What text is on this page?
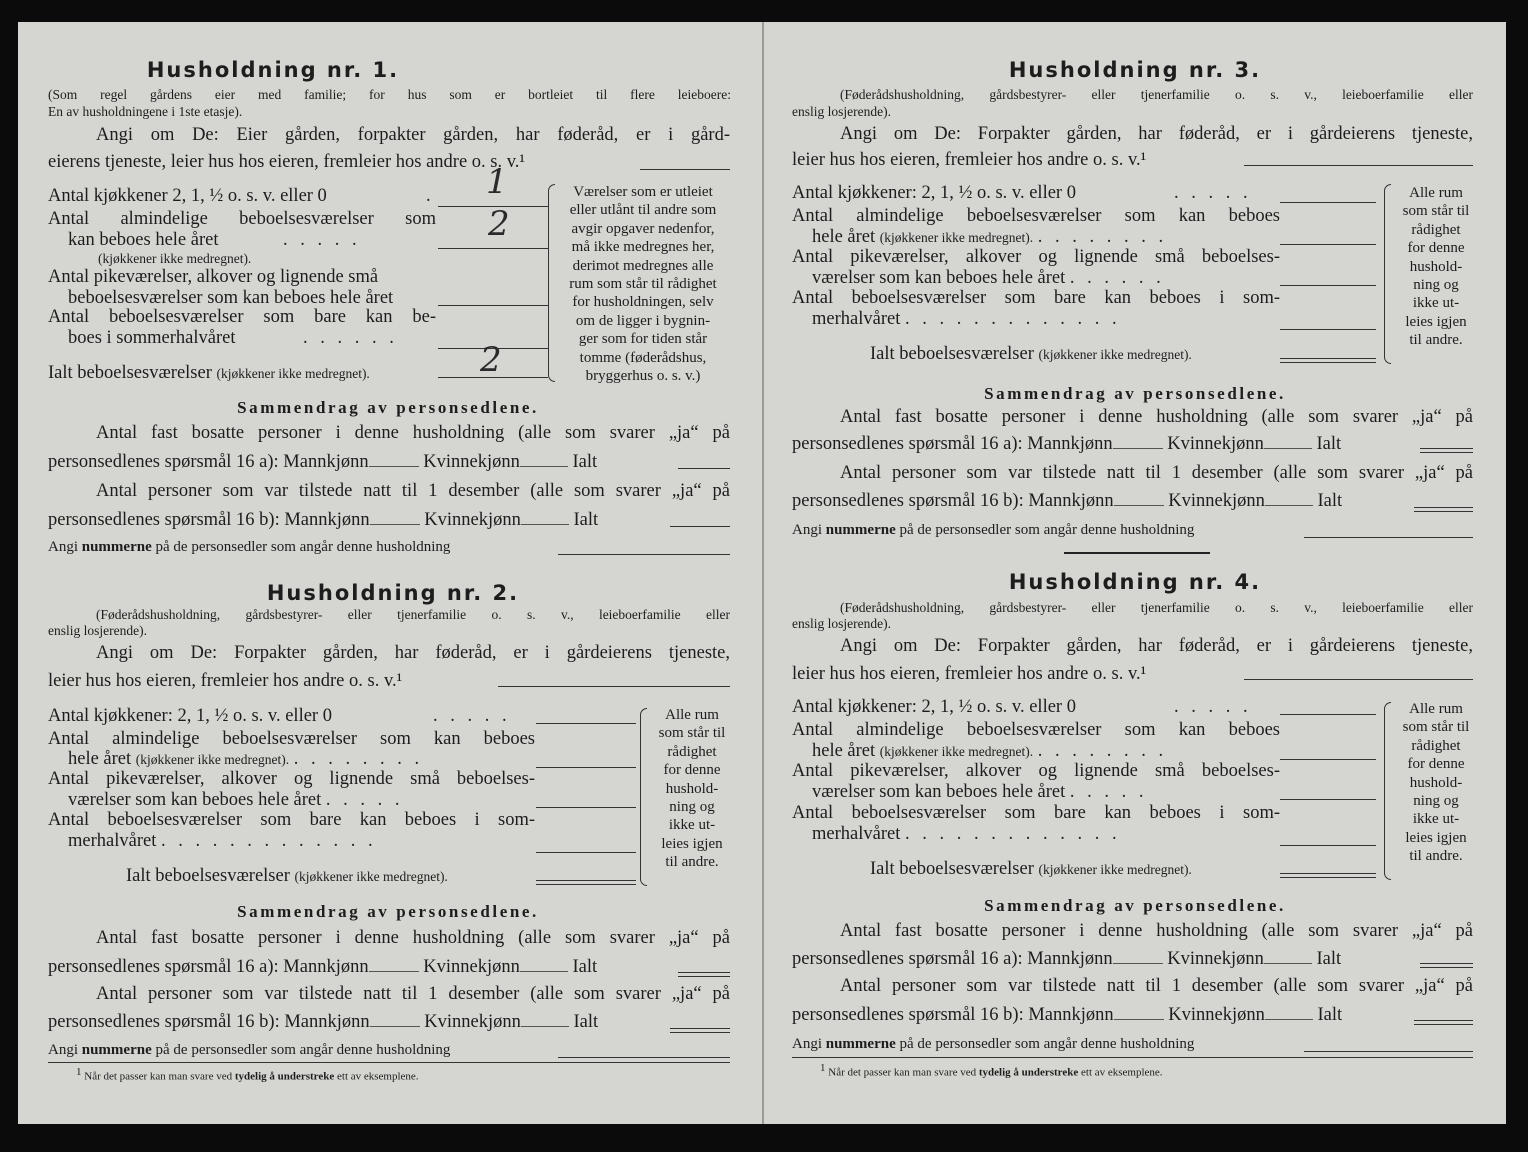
Husholdning nr. 1.
(Som regel gårdens eier med familie; for hus som er bortleiet til flere leieboere:
En av husholdningene i 1ste etasje).
Angi om De: Eier gården, forpakter gården, har føderåd, er i gård-
eierens tjeneste, leier hus hos eieren, fremleier hos andre o. s. v.¹
Antal kjøkkener 2, 1, ½ o. s. v. eller 0	. 1
Antal almindelige beboelsesværelser som
kan beboes hele året	. . . . .	2
(kjøkkener ikke medregnet).
Antal pikeværelser, alkover og lignende små
beboelsesværelser som kan beboes hele året
Antal beboelsesværelser som bare kan be-
boes i sommerhalvåret	. . . . . .
Ialt beboelsesværelser (kjøkkener ikke medregnet).	2
Værelser som er utleiet
eller utlånt til andre som
avgir opgaver nedenfor,
må ikke medregnes her,
derimot medregnes alle
rum som står til rådighet
for husholdningen, selv
om de ligger i bygnin-
ger som for tiden står
tomme (føderådshus,
bryggerhus o. s. v.)
Sammendrag av personsedlene.
Antal fast bosatte personer i denne husholdning (alle som svarer „ja“ på
personsedlenes spørsmål 16 a): Mannkjønn	Kvinnekjønn	Ialt
Antal personer som var tilstede natt til 1 desember (alle som svarer „ja“ på
personsedlenes spørsmål 16 b): Mannkjønn	Kvinnekjønn	Ialt
Angi nummerne på de personsedler som angår denne husholdning
Husholdning nr. 2.
(Føderådshusholdning, gårdsbestyrer- eller tjenerfamilie o. s. v., leieboerfamilie eller
enslig losjerende).
Angi om De: Forpakter gården, har føderåd, er i gårdeierens tjeneste,
leier hus hos eieren, fremleier hos andre o. s. v.¹
Antal kjøkkener: 2, 1, ½ o. s. v. eller 0	. . . . .
Antal almindelige beboelsesværelser som kan beboes
hele året (kjøkkener ikke medregnet). . . . . . . . .
Antal pikeværelser, alkover og lignende små beboelses-
værelser som kan beboes hele året . . . . .
Antal beboelsesværelser som bare kan beboes i som-
merhalvåret . . . . . . . . . . . . .
Ialt beboelsesværelser (kjøkkener ikke medregnet).
Alle rum
som står til
rådighet
for denne
hushold-
ning og
ikke ut-
leies igjen
til andre.
Sammendrag av personsedlene.
Antal fast bosatte personer i denne husholdning (alle som svarer „ja“ på
personsedlenes spørsmål 16 a): Mannkjønn	Kvinnekjønn	Ialt
Antal personer som var tilstede natt til 1 desember (alle som svarer „ja“ på
personsedlenes spørsmål 16 b): Mannkjønn	Kvinnekjønn	Ialt
Angi nummerne på de personsedler som angår denne husholdning
$^1$ Når det passer kan man svare ved tydelig å understreke ett av eksemplene.
Husholdning nr. 3.
(Føderådshusholdning, gårdsbestyrer- eller tjenerfamilie o. s. v., leieboerfamilie eller
enslig losjerende).
Angi om De: Forpakter gården, har føderåd, er i gårdeierens tjeneste,
leier hus hos eieren, fremleier hos andre o. s. v.¹
Antal kjøkkener: 2, 1, ½ o. s. v. eller 0	. . . . .
Antal almindelige beboelsesværelser som kan beboes
hele året (kjøkkener ikke medregnet). . . . . . . . .
Antal pikeværelser, alkover og lignende små beboelses-
værelser som kan beboes hele året . . . . . .
Antal beboelsesværelser som bare kan beboes i som-
merhalvåret . . . . . . . . . . . . .
Ialt beboelsesværelser (kjøkkener ikke medregnet).
Alle rum
som står til
rådighet
for denne
hushold-
ning og
ikke ut-
leies igjen
til andre.
Sammendrag av personsedlene.
Antal fast bosatte personer i denne husholdning (alle som svarer „ja“ på
personsedlenes spørsmål 16 a): Mannkjønn	Kvinnekjønn	Ialt
Antal personer som var tilstede natt til 1 desember (alle som svarer „ja“ på
personsedlenes spørsmål 16 b): Mannkjønn	Kvinnekjønn	Ialt
Angi nummerne på de personsedler som angår denne husholdning
Husholdning nr. 4.
(Føderådshusholdning, gårdsbestyrer- eller tjenerfamilie o. s. v., leieboerfamilie eller
enslig losjerende).
Angi om De: Forpakter gården, har føderåd, er i gårdeierens tjeneste,
leier hus hos eieren, fremleier hos andre o. s. v.¹
Antal kjøkkener: 2, 1, ½ o. s. v. eller 0	. . . . .
Antal almindelige beboelsesværelser som kan beboes
hele året (kjøkkener ikke medregnet). . . . . . . . .
Antal pikeværelser, alkover og lignende små beboelses-
værelser som kan beboes hele året . . . . .
Antal beboelsesværelser som bare kan beboes i som-
merhalvåret . . . . . . . . . . . . .
Ialt beboelsesværelser (kjøkkener ikke medregnet).
Alle rum
som står til
rådighet
for denne
hushold-
ning og
ikke ut-
leies igjen
til andre.
Sammendrag av personsedlene.
Antal fast bosatte personer i denne husholdning (alle som svarer „ja“ på
personsedlenes spørsmål 16 a): Mannkjønn	Kvinnekjønn	Ialt
Antal personer som var tilstede natt til 1 desember (alle som svarer „ja“ på
personsedlenes spørsmål 16 b): Mannkjønn	Kvinnekjønn	Ialt
Angi nummerne på de personsedler som angår denne husholdning
$^1$ Når det passer kan man svare ved tydelig å understreke ett av eksemplene.
